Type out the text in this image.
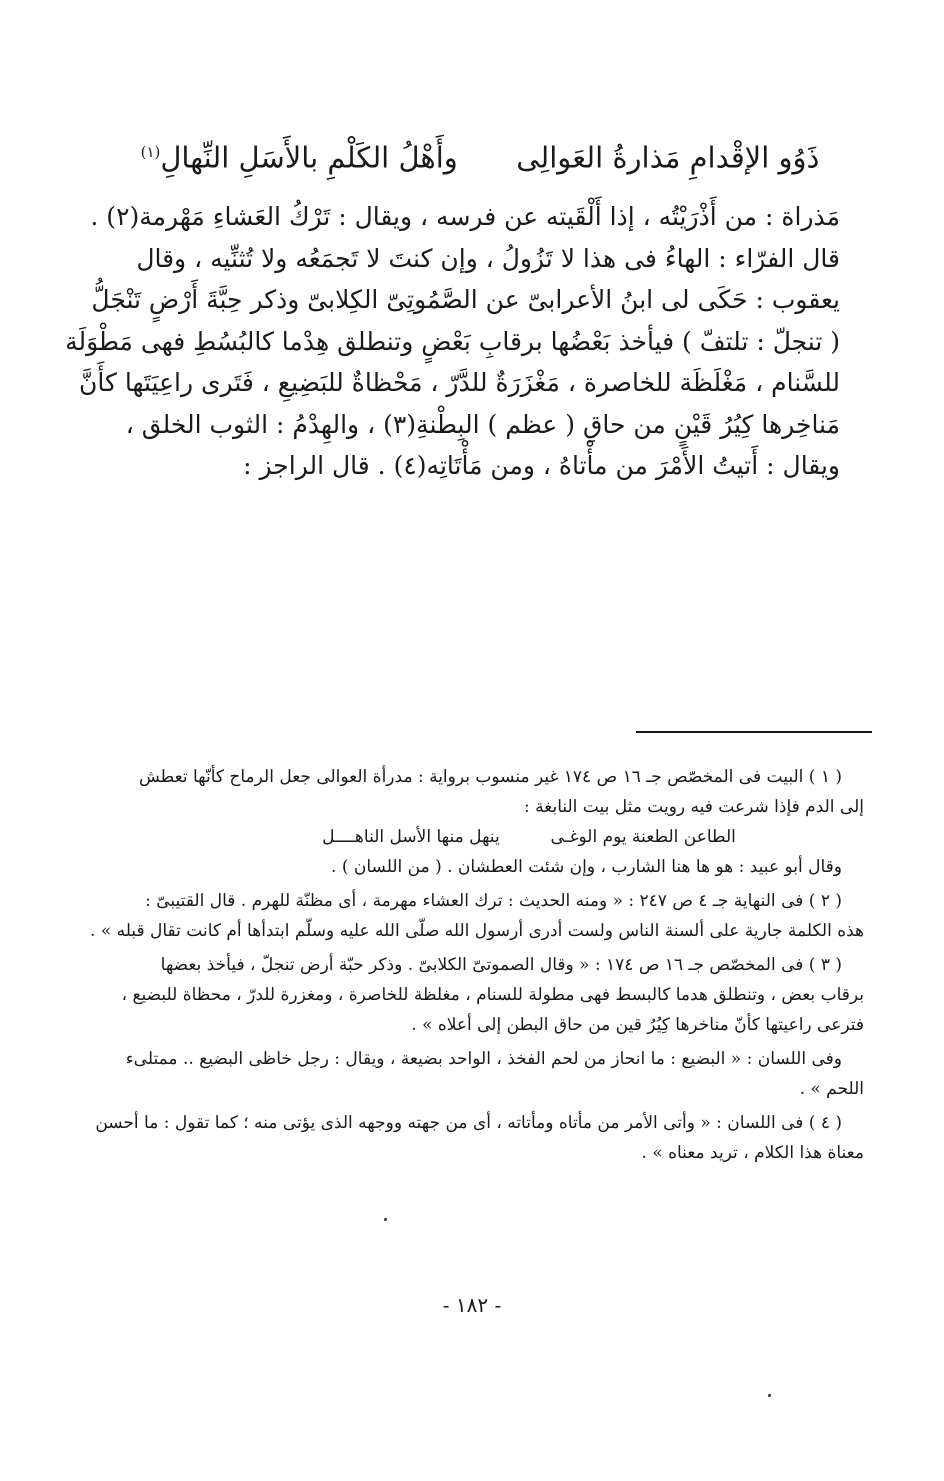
ذَوُو الإقْدامِ مَذارةُ العَوالِى  وأَهْلُ الكَلْمِ بالأَسَلِ النِّهالِ$^{(١)}$
مَذراة : من أَذْرَيْتُه ، إذا أَلْقَيته عن فرسه ، ويقال : تَرْكُ العَشاءِ مَهْرمة(٢) .
قال الفرّاء : الهاءُ فى هذا لا تَزُولُ ، وإن كنتَ لا تَجمَعُه ولا تُثنِّيه ، وقال
يعقوب : حَكَى لى ابنُ الأعرابىّ عن الصَّمُوتِىّ الكِلابىّ وذكر حِبَّةَ أَرْضٍ تَنْجَلُّ
( تنجلّ : تلتفّ ) فيأخذ بَعْضُها برقابِ بَعْضٍ وتنطلق هِدْما كالبُسُطِ فهى مَطْوَلَة
للسَّنام ، مَغْلَظَة للخاصرة ، مَغْزَرَةٌ للدَّرّ ، مَحْظاةٌ للبَضِيعِ ، فَتَرى راعِيَتَها كأَنَّ
مَناخِرها كِيُرُ قَيْنٍ من حاقِ ( عظم ) البِطْنةِ(٣) ، والهِدْمُ : الثوب الخلق ،
ويقال : أَتيتُ الأَمْرَ من مأْتاهُ ، ومن مَأْتَاتِه(٤) . قال الراجز :
( ١ ) البيت فى المخصّص جـ ١٦ ص ١٧٤ غير منسوب برواية : مدرأة العوالى جعل الرماح كأنّها تعطش
إلى الدم فإذا شرعت فيه رويت مثل بيت النابغة :
الطاعن الطعنة يوم الوغـى  ينهل منها الأسل الناهــــل
وقال أبو عبيد : هو ها هنا الشارب ، وإن شئت العطشان . ( من اللسان ) .
( ٢ ) فى النهاية جـ ٤ ص ٢٤٧ : « ومنه الحديث : ترك العشاء مهرمة ، أى مظنّة للهرم . قال القتيبىّ :
هذه الكلمة جارية على ألسنة الناس ولست أدرى أرسول الله صلّى الله عليه وسلّم ابتدأها أم كانت تقال قبله » .
( ٣ ) فى المخصّص جـ ١٦ ص ١٧٤ : « وقال الصموتىّ الكلابىّ . وذكر حبّة أرض تنجلّ ، فيأخذ بعضها
برقاب بعض ، وتنطلق هدما كالبسط فهى مطولة للسنام ، مغلظة للخاصرة ، ومغزرة للدرّ ، محظاة للبضيع ،
فترعى راعيتها كأنّ مناخرها كِيُرُ قين من حاق البطن إلى أعلاه » .
وفى اللسان : « البضيع : ما انحاز من لحم الفخذ ، الواحد بضيعة ، ويقال : رجل خاظى البضيع .. ممتلىء
اللحم » .
( ٤ ) فى اللسان : « وأتى الأمر من مأتاه ومأتاته ، أى من جهته ووجهه الذى يؤتى منه ؛ كما تقول : ما أحسن
معناة هذا الكلام ، تريد معناه » .
- ١٨٢ -
